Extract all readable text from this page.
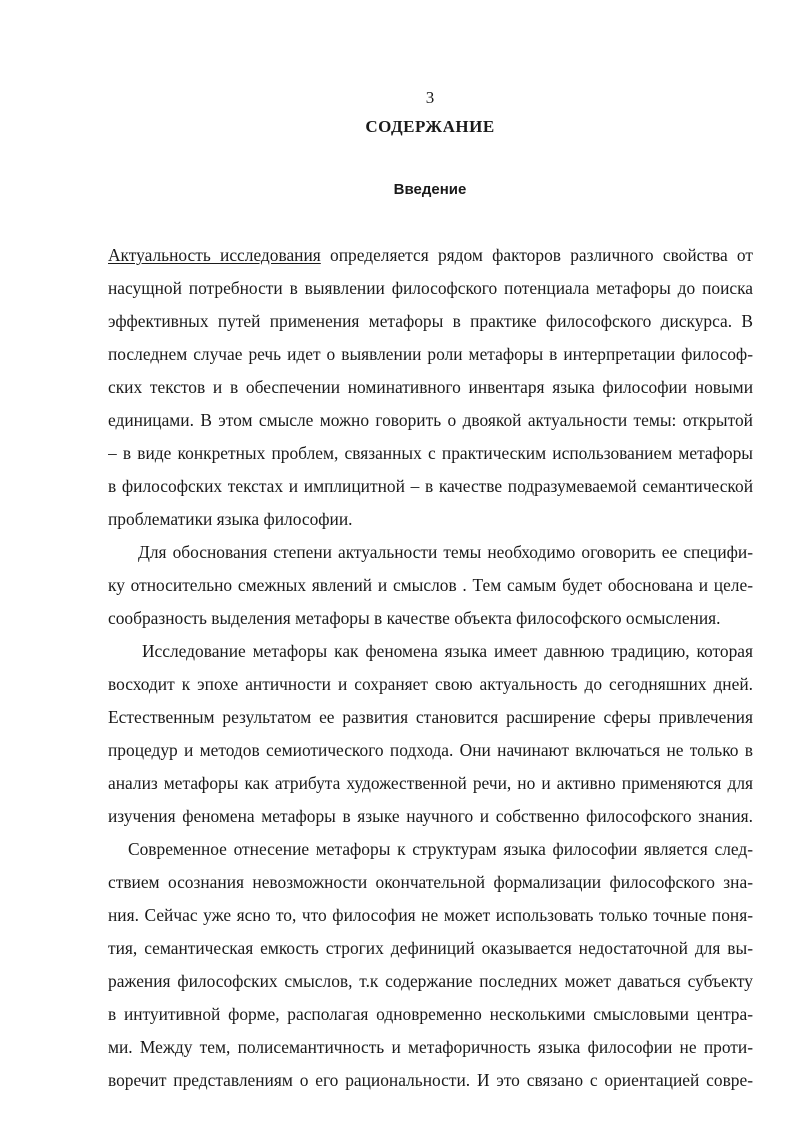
3
СОДЕРЖАНИЕ
Введение
Актуальность исследования определяется рядом факторов различного свойства от
насущной потребности в выявлении философского потенциала метафоры до поиска
эффективных путей применения метафоры в практике философского дискурса. В
последнем случае речь идет о выявлении роли метафоры в интерпретации философ-
ских текстов и в обеспечении номинативного инвентаря языка философии новыми
единицами. В этом смысле можно говорить о двоякой актуальности темы: открытой
– в виде конкретных проблем, связанных с практическим использованием метафоры
в философских текстах и имплицитной – в качестве подразумеваемой семантической
проблематики языка философии.
Для обоснования степени актуальности темы необходимо оговорить ее специфи-
ку относительно смежных явлений и смыслов . Тем самым будет обоснована и целе-
сообразность выделения метафоры в качестве объекта философского осмысления.
Исследование метафоры как феномена языка имеет давнюю традицию, которая
восходит к эпохе античности и сохраняет свою актуальность до сегодняшних дней.
Естественным результатом ее развития становится расширение сферы привлечения
процедур и методов семиотического подхода. Они начинают включаться не только в
анализ метафоры как атрибута художественной речи, но и активно применяются для
изучения феномена метафоры в языке научного и собственно философского знания.
Современное отнесение метафоры к структурам языка философии является след-
ствием осознания невозможности окончательной формализации философского зна-
ния. Сейчас уже ясно то, что философия не может использовать только точные поня-
тия, семантическая емкость строгих дефиниций оказывается недостаточной для вы-
ражения философских смыслов, т.к содержание последних может даваться субъекту
в интуитивной форме, располагая одновременно несколькими смысловыми центра-
ми. Между тем, полисемантичность и метафоричность языка философии не проти-
воречит представлениям о его рациональности. И это связано с ориентацией совре-
